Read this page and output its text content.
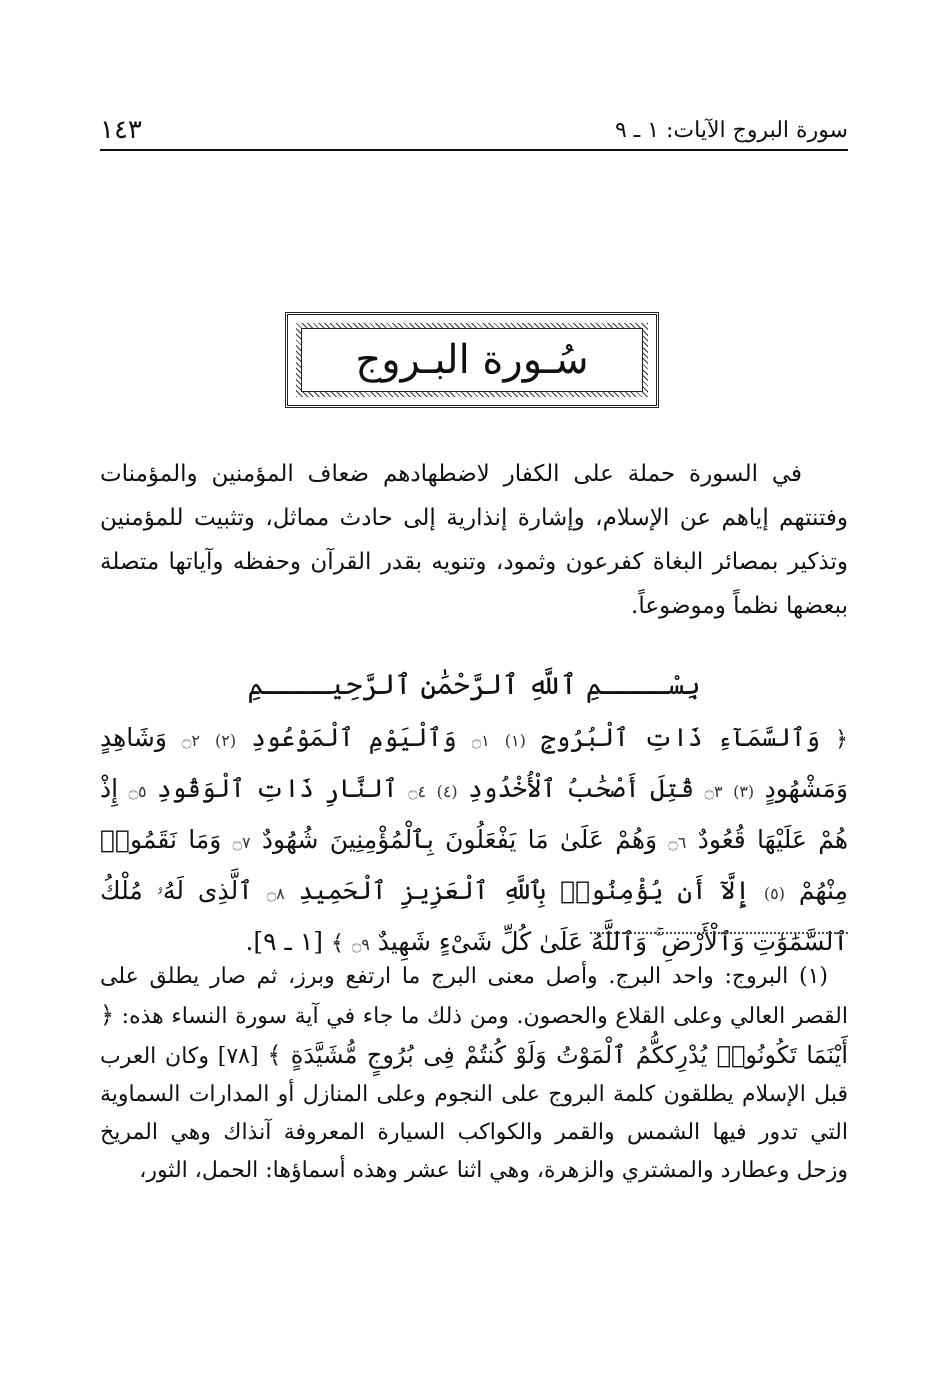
سورة البروج الآيات: ١ ـ ٩
١٤٣
سُـورة البـروج

في السورة حملة على الكفار لاضطهادهم ضعاف المؤمنين والمؤمنات وفتنتهم إياهم عن الإسلام، وإشارة إنذارية إلى حادث مماثل، وتثبيت للمؤمنين وتذكير بمصائر البغاة كفرعون وثمود، وتنويه بقدر القرآن وحفظه وآياتها متصلة ببعضها نظماً وموضوعاً.

بِسْــــمِ ٱللَّهِ ٱلرَّحْمَٰنِ ٱلرَّحِيــــمِ

﴿ وَٱلسَّمَآءِ ذَاتِ ٱلْبُرُوجِ (١) ۝١ وَٱلْيَوْمِ ٱلْمَوْعُودِ (٢) ۝٢ وَشَاهِدٍ وَمَشْهُودٍ (٣) ۝٣ قُتِلَ أَصْحَٰبُ ٱلْأُخْدُودِ (٤) ۝٤ ٱلنَّارِ ذَاتِ ٱلْوَقُودِ ۝٥ إِذْ هُمْ عَلَيْهَا قُعُودٌ ۝٦ وَهُمْ عَلَىٰ مَا يَفْعَلُونَ بِٱلْمُؤْمِنِينَ شُهُودٌ ۝٧ وَمَا نَقَمُوا۟ مِنْهُمْ (٥) إِلَّآ أَن يُؤْمِنُوا۟ بِٱللَّهِ ٱلْعَزِيزِ ٱلْحَمِيدِ ۝٨ ٱلَّذِى لَهُۥ مُلْكُ ٱلسَّمَٰوَٰتِ وَٱلْأَرْضِ ۚ وَٱللَّهُ عَلَىٰ كُلِّ شَىْءٍ شَهِيدٌ ۝٩ ﴾ [١ ـ ٩].

(١) البروج: واحد البرج. وأصل معنى البرج ما ارتفع وبرز، ثم صار يطلق على القصر العالي وعلى القلاع والحصون. ومن ذلك ما جاء في آية سورة النساء هذه: ﴿ أَيْنَمَا تَكُونُوا۟ يُدْرِككُّمُ ٱلْمَوْتُ وَلَوْ كُنتُمْ فِى بُرُوجٍ مُّشَيَّدَةٍ ﴾ [٧٨] وكان العرب قبل الإسلام يطلقون كلمة البروج على النجوم وعلى المنازل أو المدارات السماوية التي تدور فيها الشمس والقمر والكواكب السيارة المعروفة آنذاك وهي المريخ وزحل وعطارد والمشتري والزهرة، وهي اثنا عشر وهذه أسماؤها: الحمل، الثور،
